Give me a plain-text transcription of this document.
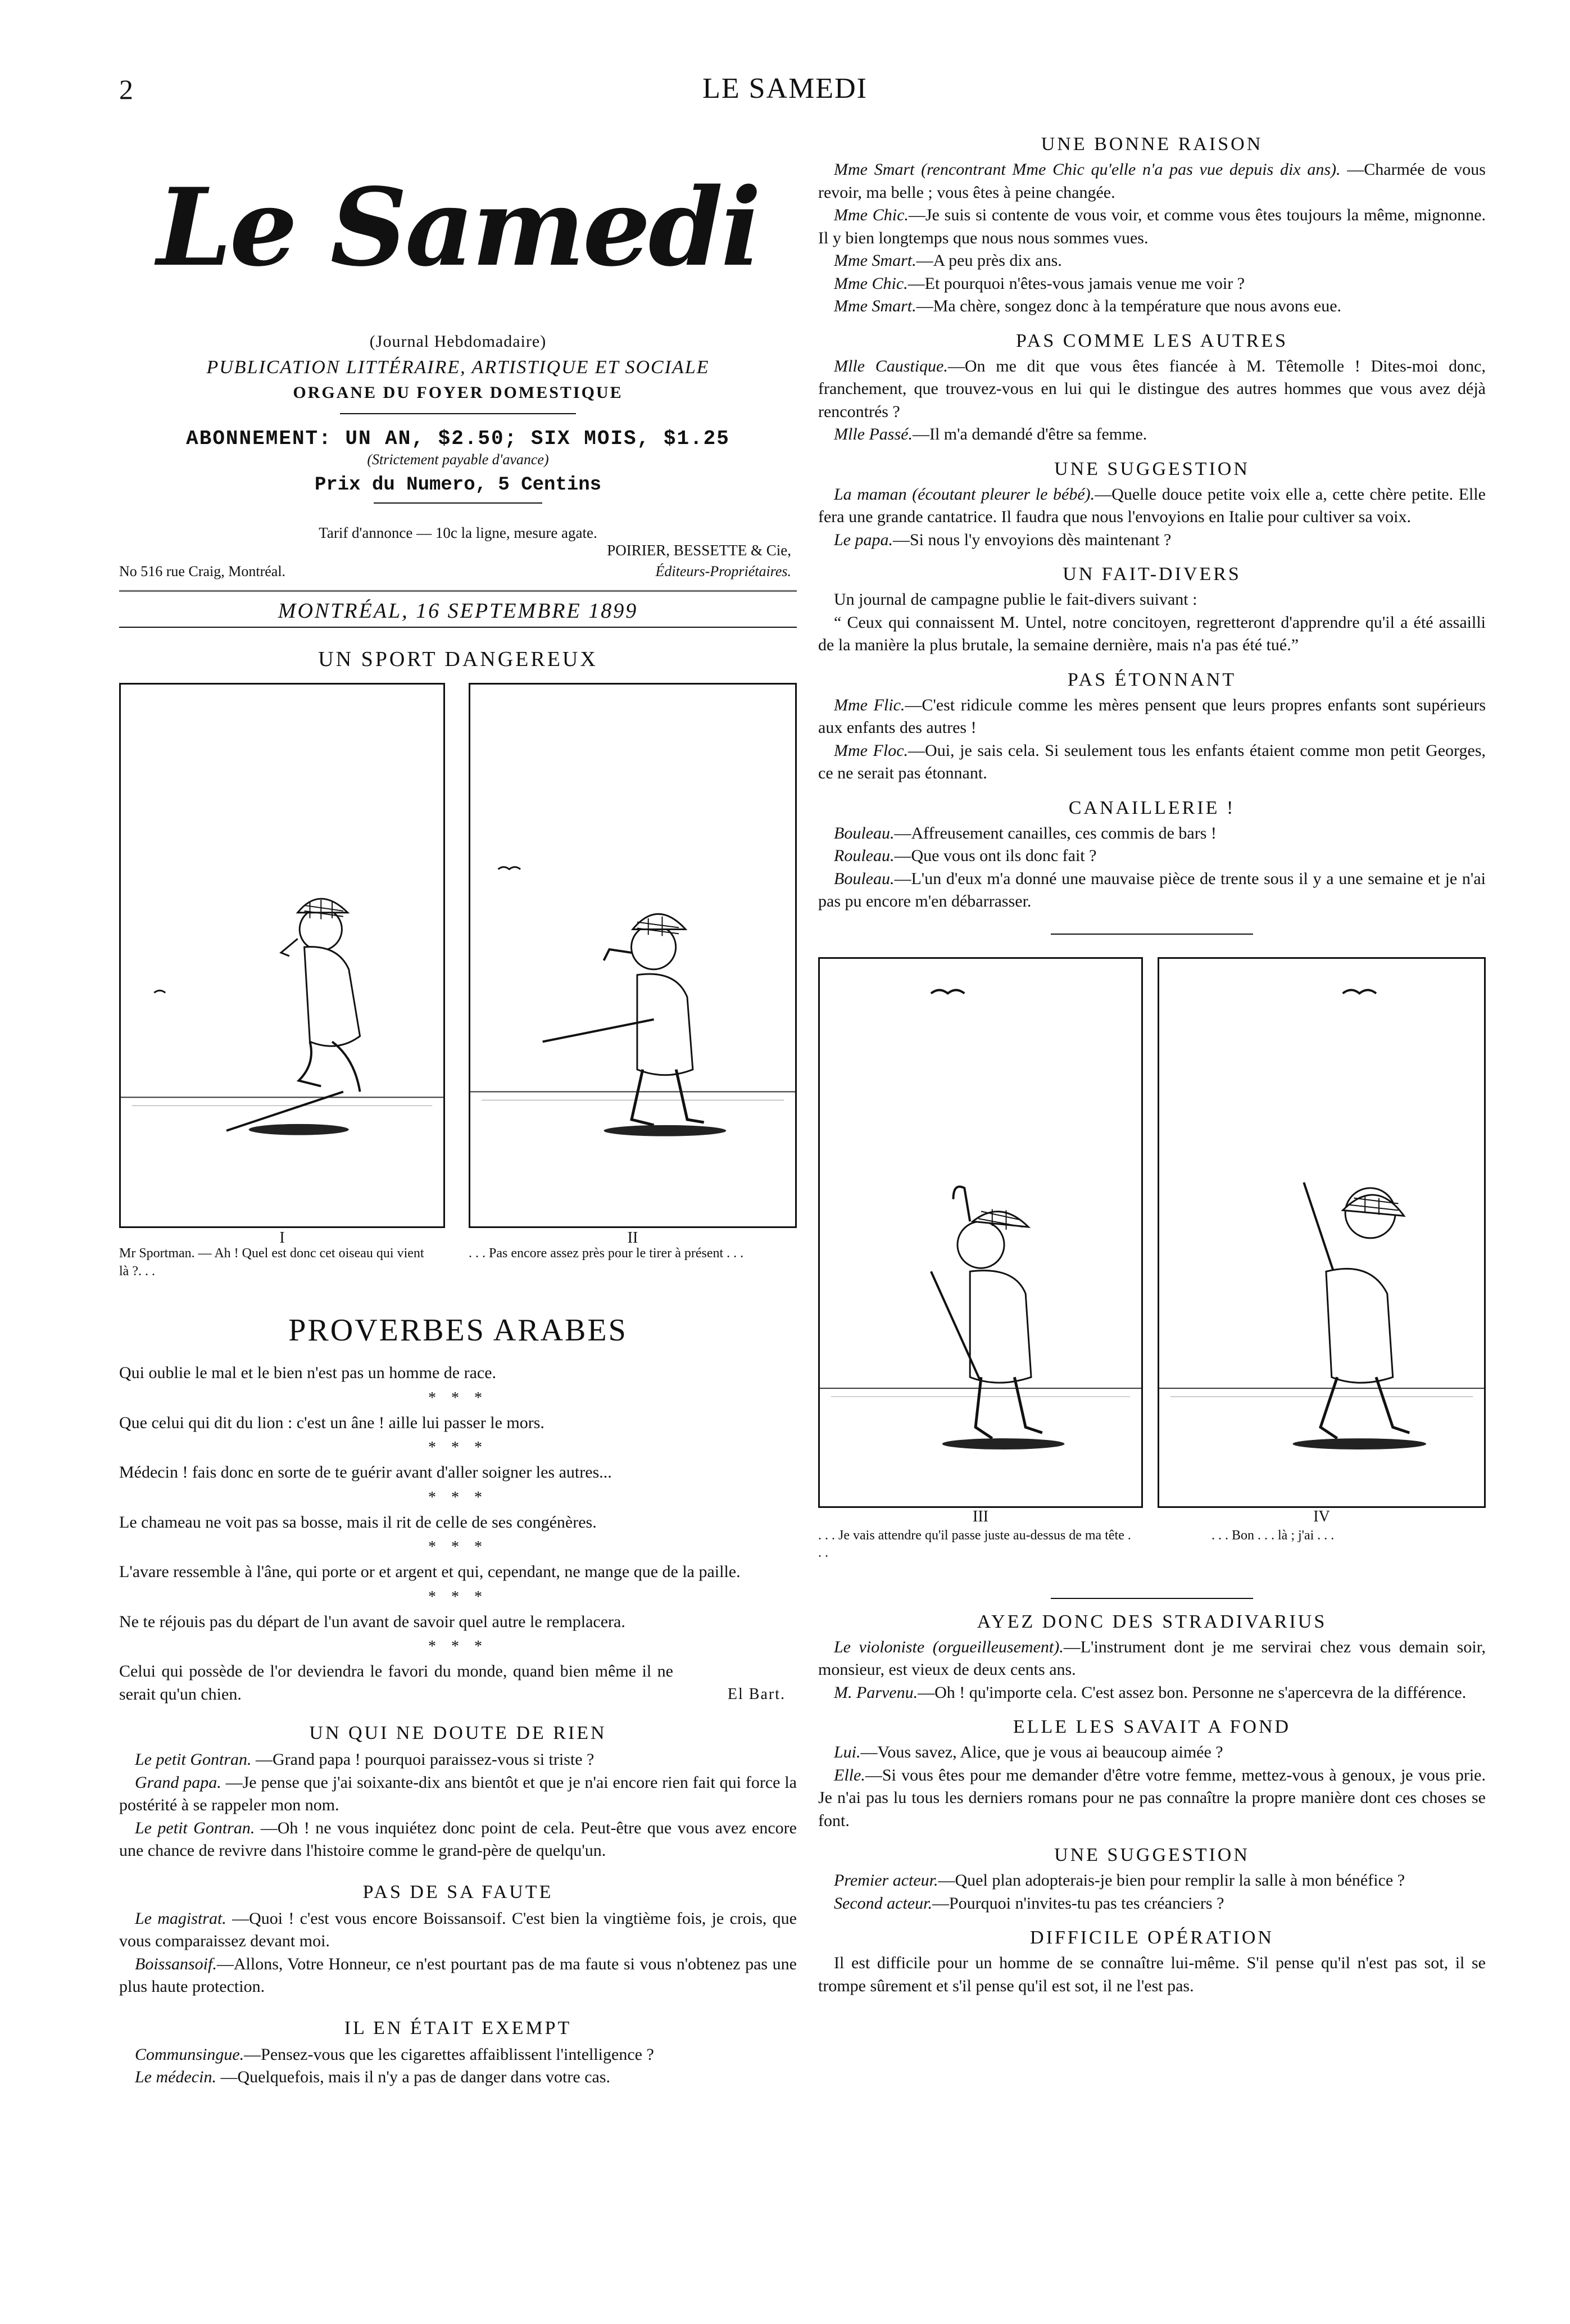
2	LE SAMEDI
Le Samedi
(Journal Hebdomadaire)
PUBLICATION LITTÉRAIRE, ARTISTIQUE ET SOCIALE
ORGANE DU FOYER DOMESTIQUE
ABONNEMENT: UN AN, $2.50; SIX MOIS, $1.25
(Strictement payable d'avance)
Prix du Numero, 5 Centins
Tarif d'annonce — 10c la ligne, mesure agate.
POIRIER, BESSETTE & Cie,
No 516 rue Craig, Montréal.	Éditeurs-Propriétaires.
MONTRÉAL, 16 SEPTEMBRE 1899
UN SPORT DANGEREUX
I	II
Mr Sportman. — Ah ! Quel est donc cet oiseau qui vient là ?. . .
. . . Pas encore assez près pour le tirer à présent . . .
PROVERBES ARABES

Qui oublie le mal et le bien n'est pas un homme de race.

* * *

Que celui qui dit du lion : c'est un âne ! aille lui passer le mors.

* * *

Médecin ! fais donc en sorte de te guérir avant d'aller soigner les autres...

* * *

Le chameau ne voit pas sa bosse, mais il rit de celle de ses congénères.

* * *

L'avare ressemble à l'âne, qui porte or et argent et qui, cependant, ne mange que de la paille.

* * *

Ne te réjouis pas du départ de l'un avant de savoir quel autre le remplacera.

* * *

Celui qui possède de l'or deviendra le favori du monde, quand bien même il ne serait qu'un chien.	El Bart.
UN QUI NE DOUTE DE RIEN

Le petit Gontran. —Grand papa ! pourquoi paraissez-vous si triste ?

Grand papa. —Je pense que j'ai soixante-dix ans bientôt et que je n'ai encore rien fait qui force la postérité à se rappeler mon nom.

Le petit Gontran. —Oh ! ne vous inquiétez donc point de cela. Peut-être que vous avez encore une chance de revivre dans l'histoire comme le grand-père de quelqu'un.

PAS DE SA FAUTE

Le magistrat. —Quoi ! c'est vous encore Boissansoif. C'est bien la vingtième fois, je crois, que vous comparaissez devant moi.

Boissansoif.—Allons, Votre Honneur, ce n'est pourtant pas de ma faute si vous n'obtenez pas une plus haute protection.

IL EN ÉTAIT EXEMPT

Communsingue.—Pensez-vous que les cigarettes affaiblissent l'intelligence ?

Le médecin. —Quelquefois, mais il n'y a pas de danger dans votre cas.

UNE BONNE RAISON

Mme Smart (rencontrant Mme Chic qu'elle n'a pas vue depuis dix ans). —Charmée de vous revoir, ma belle ; vous êtes à peine changée.

Mme Chic.—Je suis si contente de vous voir, et comme vous êtes toujours la même, mignonne. Il y bien longtemps que nous nous sommes vues.

Mme Smart.—A peu près dix ans.

Mme Chic.—Et pourquoi n'êtes-vous jamais venue me voir ?

Mme Smart.—Ma chère, songez donc à la température que nous avons eue.

PAS COMME LES AUTRES

Mlle Caustique.—On me dit que vous êtes fiancée à M. Têtemolle ! Dites-moi donc, franchement, que trouvez-vous en lui qui le distingue des autres hommes que vous avez déjà rencontrés ?

Mlle Passé.—Il m'a demandé d'être sa femme.

UNE SUGGESTION

La maman (écoutant pleurer le bébé).—Quelle douce petite voix elle a, cette chère petite. Elle fera une grande cantatrice. Il faudra que nous l'envoyions en Italie pour cultiver sa voix.

Le papa.—Si nous l'y envoyions dès maintenant ?

UN FAIT-DIVERS

Un journal de campagne publie le fait-divers suivant :

“ Ceux qui connaissent M. Untel, notre concitoyen, regretteront d'apprendre qu'il a été assailli de la manière la plus brutale, la semaine dernière, mais n'a pas été tué.”

PAS ÉTONNANT

Mme Flic.—C'est ridicule comme les mères pensent que leurs propres enfants sont supérieurs aux enfants des autres !

Mme Floc.—Oui, je sais cela. Si seulement tous les enfants étaient comme mon petit Georges, ce ne serait pas étonnant.

CANAILLERIE !

Bouleau.—Affreusement canailles, ces commis de bars !

Rouleau.—Que vous ont ils donc fait ?

Bouleau.—L'un d'eux m'a donné une mauvaise pièce de trente sous il y a une semaine et je n'ai pas pu encore m'en débarrasser.

III	IV
. . . Je vais attendre qu'il passe juste au-dessus de ma tête . . .
. . . Bon . . . là ; j'ai . . .
AYEZ DONC DES STRADIVARIUS

Le violoniste (orgueilleusement).—L'instrument dont je me servirai chez vous demain soir, monsieur, est vieux de deux cents ans.

M. Parvenu.—Oh ! qu'importe cela. C'est assez bon. Personne ne s'apercevra de la différence.

ELLE LES SAVAIT A FOND

Lui.—Vous savez, Alice, que je vous ai beaucoup aimée ?

Elle.—Si vous êtes pour me demander d'être votre femme, mettez-vous à genoux, je vous prie. Je n'ai pas lu tous les derniers romans pour ne pas connaître la propre manière dont ces choses se font.

UNE SUGGESTION

Premier acteur.—Quel plan adopterais-je bien pour remplir la salle à mon bénéfice ?

Second acteur.—Pourquoi n'invites-tu pas tes créanciers ?

DIFFICILE OPÉRATION

Il est difficile pour un homme de se connaître lui-même. S'il pense qu'il n'est pas sot, il se trompe sûrement et s'il pense qu'il est sot, il ne l'est pas.
